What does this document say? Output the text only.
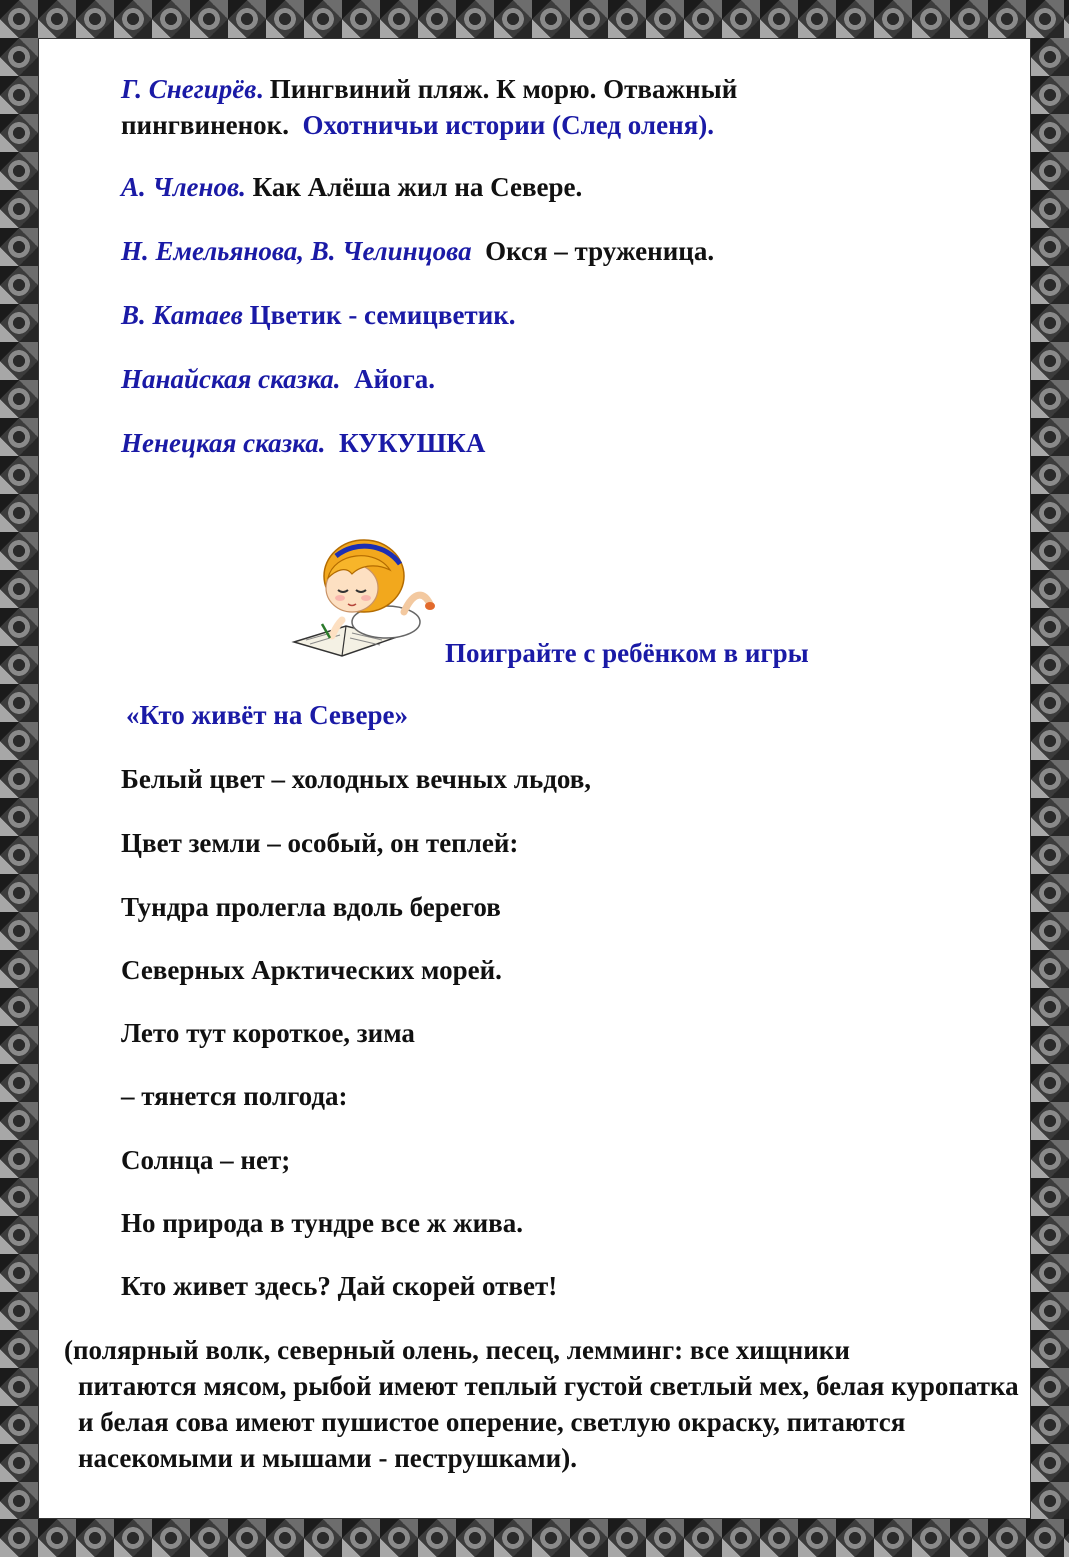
Г. Снегирёв. Пингвиний пляж. К морю. Отважный
пингвиненок. Охотничьи истории (След оленя).
А. Членов. Как Алёша жил на Севере.
Н. Емельянова, В. Челинцова Окся – труженица.
В. Катаев Цветик - семицветик.
Нанайская сказка. Айога.
Ненецкая сказка. КУКУШКА
Поиграйте с ребёнком в игры
«Кто живёт на Севере»
Белый цвет – холодных вечных льдов,
Цвет земли – особый, он теплей:
Тундра пролегла вдоль берегов
Северных Арктических морей.
Лето тут короткое, зима
– тянется полгода:
Солнца – нет;
Но природа в тундре все ж жива.
Кто живет здесь? Дай скорей ответ!
(полярный волк, северный олень, песец, лемминг: все хищники
питаются мясом, рыбой имеют теплый густой светлый мех, белая куропатка и белая сова имеют пушистое оперение, светлую окраску, питаются насекомыми и мышами - пеструшками).
